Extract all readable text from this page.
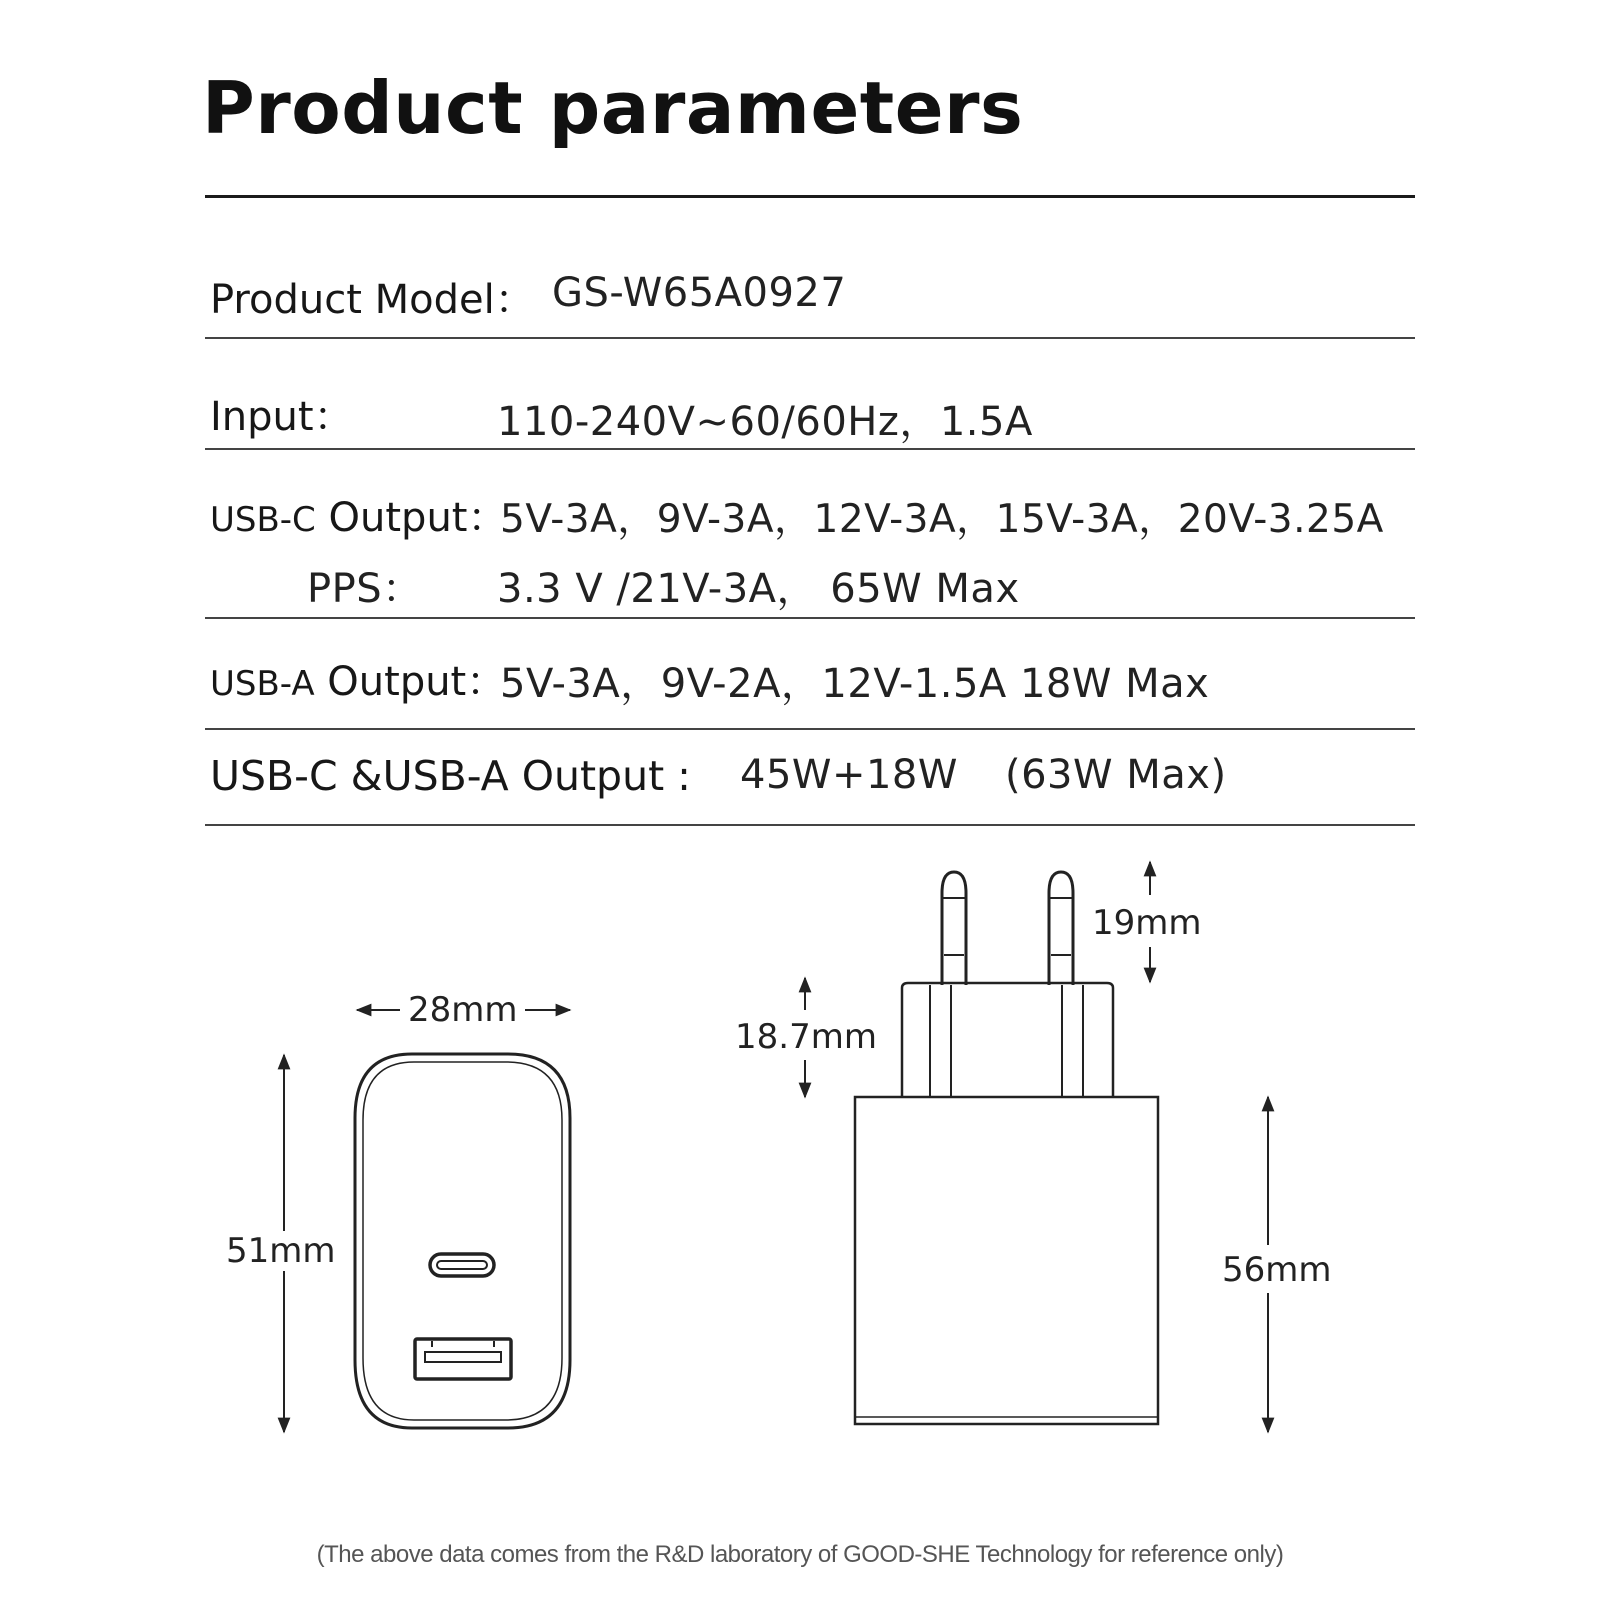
Product parameters
Product Model： GS-W65A0927
Input：	110-240V~60/60Hz，1.5A
USB-C Output：
5V-3A，9V-3A，12V-3A，15V-3A，20V-3.25A
PPS： 3.3 V /21V-3A， 65W Max
USB-A Output：
5V-3A，9V-2A，12V-1.5A 18W Max
USB-C &USB-A Output : 45W+18W (63W Max)
28mm
51mm
19mm
18.7mm
56mm
(The above data comes from the R&D laboratory of GOOD-SHE Technology for reference only)
